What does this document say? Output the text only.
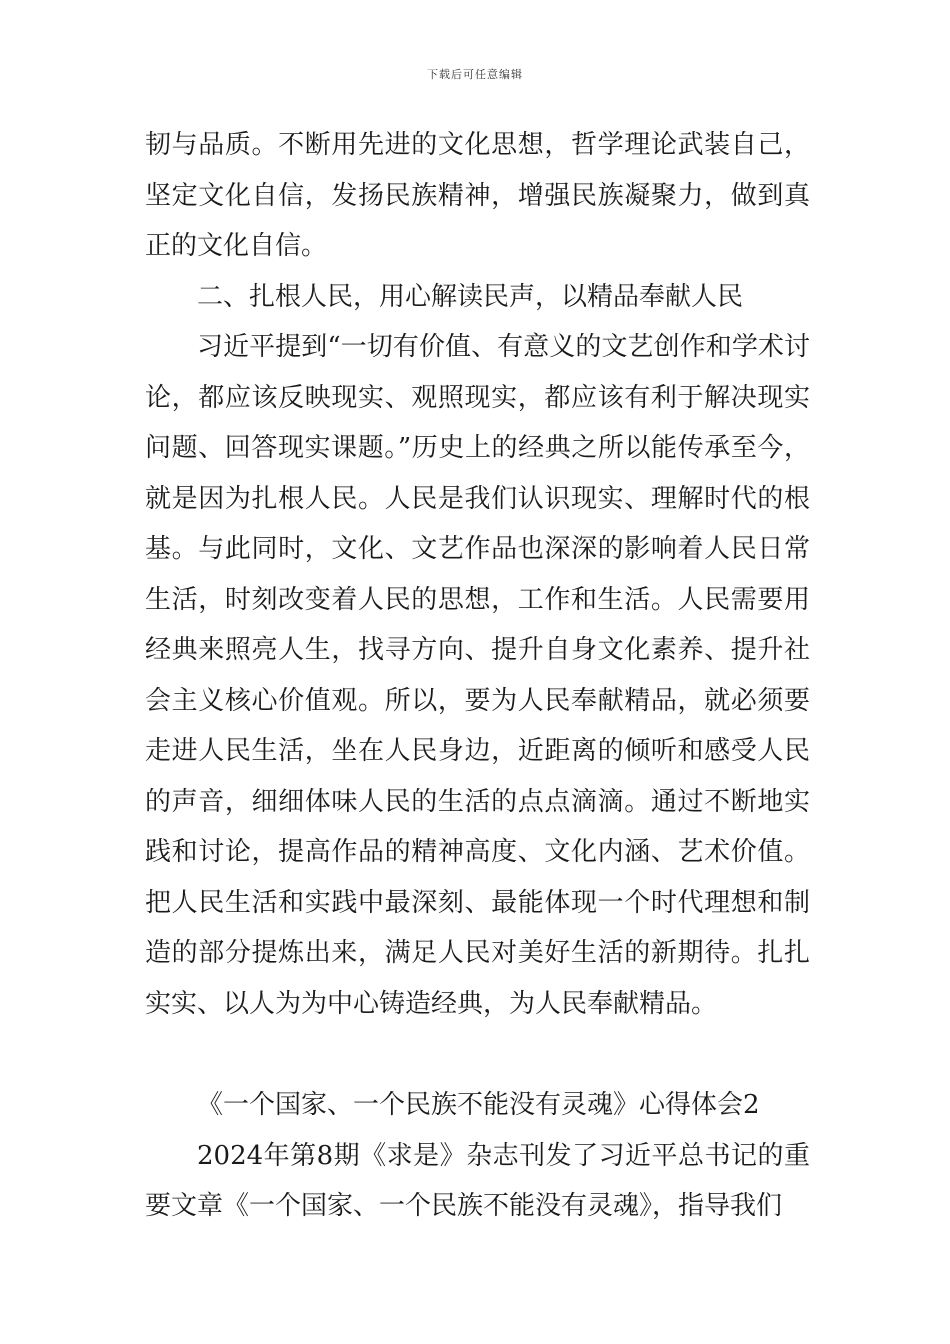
下载后可任意编辑

韧与品质。不断用先进的文化思想，哲学理论武装自己，坚定文化自信，发扬民族精神，增强民族凝聚力，做到真正的文化自信。

二、扎根人民，用心解读民声，以精品奉献人民

习近平提到“一切有价值、有意义的文艺创作和学术讨论，都应该反映现实、观照现实，都应该有利于解决现实问题、回答现实课题。”历史上的经典之所以能传承至今，就是因为扎根人民。人民是我们认识现实、理解时代的根基。与此同时，文化、文艺作品也深深的影响着人民日常生活，时刻改变着人民的思想，工作和生活。人民需要用经典来照亮人生，找寻方向、提升自身文化素养、提升社会主义核心价值观。所以，要为人民奉献精品，就必须要走进人民生活，坐在人民身边，近距离的倾听和感受人民的声音，细细体味人民的生活的点点滴滴。通过不断地实践和讨论，提高作品的精神高度、文化内涵、艺术价值。 把人民生活和实践中最深刻、最能体现一个时代理想和制造的部分提炼出来，满足人民对美好生活的新期待。扎扎实实、以人为为中心铸造经典，为人民奉献精品。

《一个国家、一个民族不能没有灵魂》心得体会2

2024年第8期《求是》杂志刊发了习近平总书记的重要文章《一个国家、一个民族不能没有灵魂》，指导我们
